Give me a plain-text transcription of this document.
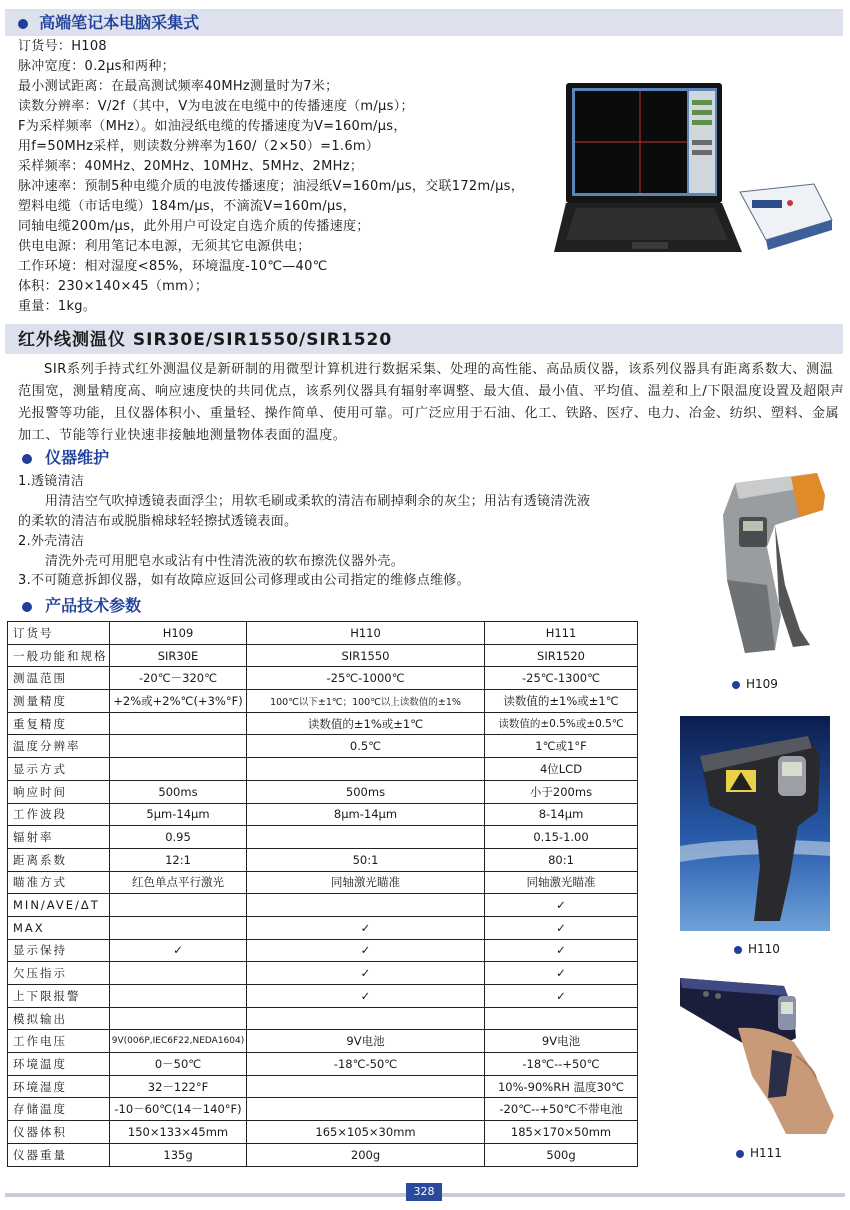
高端笔记本电脑采集式
订货号：H108
脉冲宽度：0.2μs和两种；
最小测试距离：在最高测试频率40MHz测量时为7米；
读数分辨率：V/2f（其中，V为电波在电缆中的传播速度（m/μs）；
F为采样频率（MHz）。如油浸纸电缆的传播速度为V=160m/μs，
用f=50MHz采样，则读数分辨率为160/（2×50）=1.6m）
采样频率：40MHz、20MHz、10MHz、5MHz、2MHz；
脉冲速率：预制5种电缆介质的电波传播速度；油浸纸V=160m/μs，交联172m/μs，
塑料电缆（市话电缆）184m/μs，不滴流V=160m/μs，
同轴电缆200m/μs，此外用户可设定自选介质的传播速度；
供电电源：利用笔记本电源，无须其它电源供电；
工作环境：相对湿度<85%，环境温度-10℃—40℃
体积：230×140×45（mm）；
重量：1kg。
红外线测温仪 SIR30E/SIR1550/SIR1520
SIR系列手持式红外测温仪是新研制的用微型计算机进行数据采集、处理的高性能、高品质仪器，该系列仪器具有距离系数大、测温范围宽，测量精度高、响应速度快的共同优点，该系列仪器具有辐射率调整、最大值、最小值、平均值、温差和上/下限温度设置及超限声光报警等功能，且仪器体积小、重量轻、操作简单、使用可靠。可广泛应用于石油、化工、铁路、医疗、电力、冶金、纺织、塑料、金属加工、节能等行业快速非接触地测量物体表面的温度。
仪器维护
1.透镜清洁
用清洁空气吹掉透镜表面浮尘；用软毛刷或柔软的清洁布刷掉剩余的灰尘；用沾有透镜清洗液
的柔软的清洁布或脱脂棉球轻轻擦拭透镜表面。
2.外壳清洁
清洗外壳可用肥皂水或沾有中性清洗液的软布擦洗仪器外壳。
3.不可随意拆卸仪器，如有故障应返回公司修理或由公司指定的维修点维修。
产品技术参数
订货号	H109	H110	H111
一般功能和规格	SIR30E	SIR1550	SIR1520
测温范围	-20℃－320℃	-25℃-1000℃	-25℃-1300℃
测量精度	+2%或+2%℃(+3%°F)	100℃以下±1℃；100℃以上读数值的±1%	读数值的±1%或±1℃
重复精度		读数值的±1%或±1℃	读数值的±0.5%或±0.5℃
温度分辨率		0.5℃	1℃或1°F
显示方式			4位LCD
响应时间	500ms	500ms	小于200ms
工作波段	5μm-14μm	8μm-14μm	8-14μm
辐射率	0.95		0.15-1.00
距离系数	12:1	50:1	80:1
瞄准方式	红色单点平行激光	同轴激光瞄准	同轴激光瞄准
MIN/AVE/ΔT			✓
MAX		✓	✓
显示保持	✓	✓	✓
欠压指示		✓	✓
上下限报警		✓	✓
模拟输出			
工作电压	9V(006P,IEC6F22,NEDA1604)	9V电池	9V电池
环境温度	0－50℃	-18℃-50℃	-18℃--+50℃
环境湿度	32－122°F		10%-90%RH 温度30℃
存储温度	-10－60℃(14－140°F)		-20℃--+50℃不带电池
仪器体积	150×133×45mm	165×105×30mm	185×170×50mm
仪器重量	135g	200g	500g
H109
H110
H111
328
